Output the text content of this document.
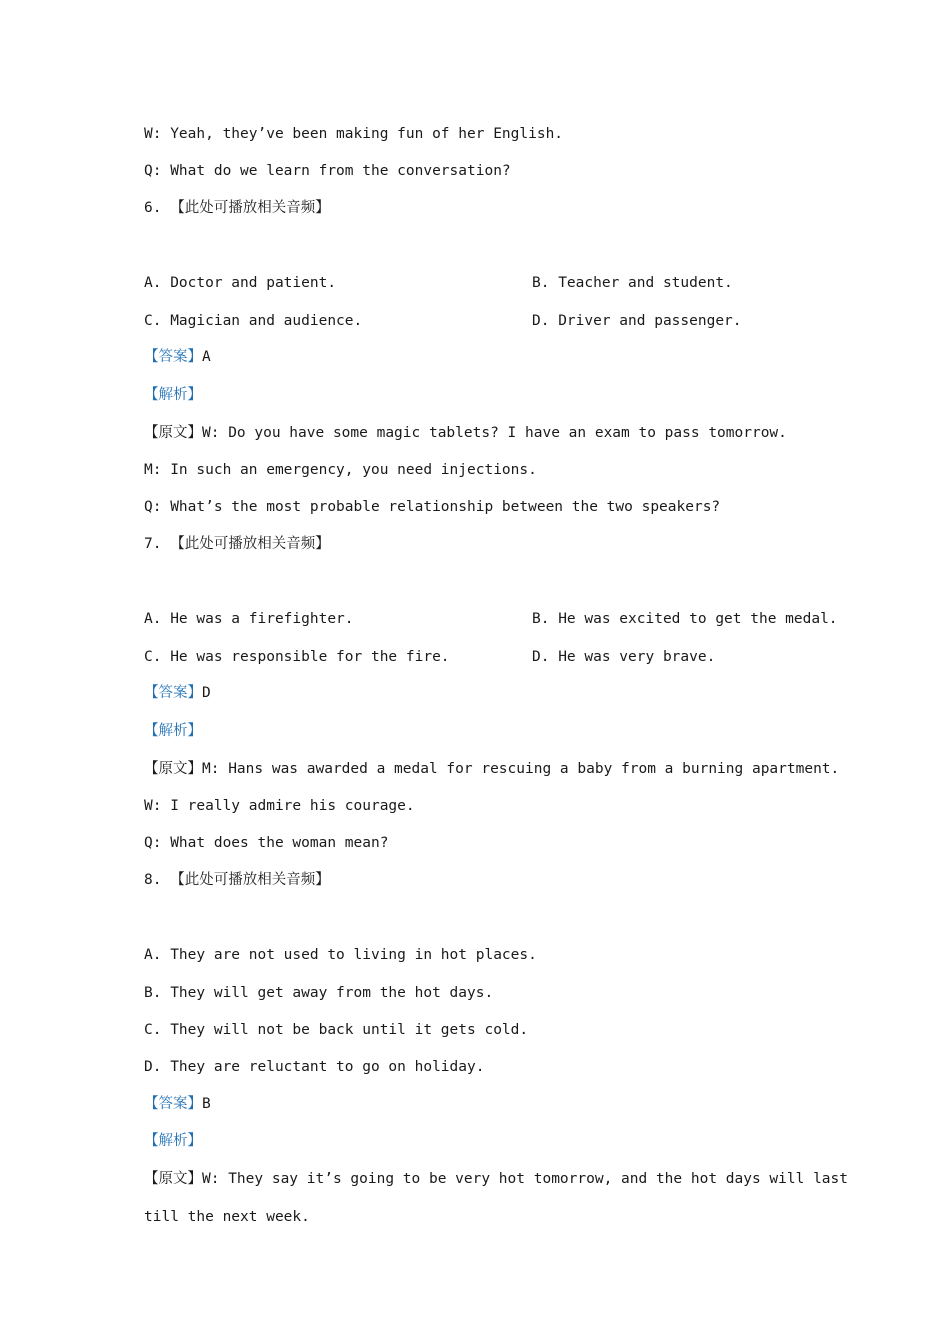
W: Yeah, they’ve been making fun of her English.
Q: What do we learn from the conversation?
6. 【此处可播放相关音频】
A. Doctor and patient.	B. Teacher and student.
C. Magician and audience.	D. Driver and passenger.
【答案】A
【解析】
【原文】W: Do you have some magic tablets? I have an exam to pass tomorrow.
M: In such an emergency, you need injections.
Q: What’s the most probable relationship between the two speakers?
7. 【此处可播放相关音频】
A. He was a firefighter.	B. He was excited to get the medal.
C. He was responsible for the fire.	D. He was very brave.
【答案】D
【解析】
【原文】M: Hans was awarded a medal for rescuing a baby from a burning apartment.
W: I really admire his courage.
Q: What does the woman mean?
8. 【此处可播放相关音频】
A. They are not used to living in hot places.
B. They will get away from the hot days.
C. They will not be back until it gets cold.
D. They are reluctant to go on holiday.
【答案】B
【解析】
【原文】W: They say it’s going to be very hot tomorrow, and the hot days will last
till the next week.
